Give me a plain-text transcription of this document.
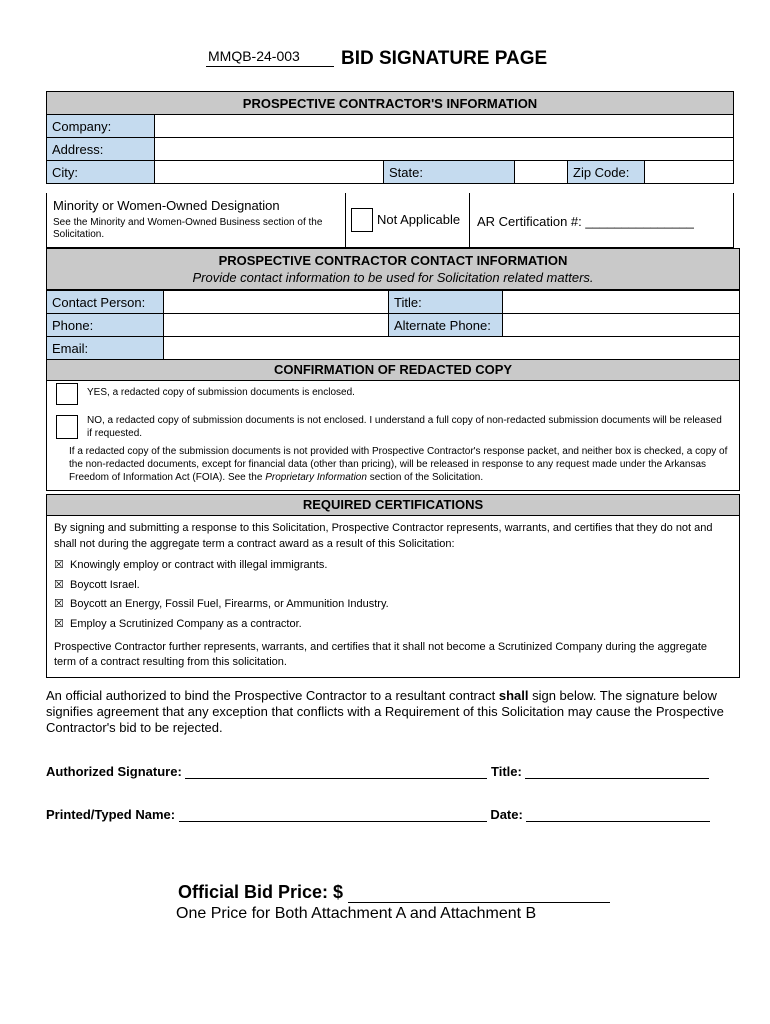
MMQB-24-003 BID SIGNATURE PAGE
PROSPECTIVE CONTRACTOR'S INFORMATION					
Company:					
Address:					
City:		State:		Zip Code:	
Minority or Women-Owned Designation
See the Minority and Women-Owned Business section of the Solicitation.
Not Applicable AR Certification #: _______________
PROSPECTIVE CONTRACTOR CONTACT INFORMATION
Provide contact information to be used for Solicitation related matters.
Contact Person:		Title:	
Phone:		Alternate Phone:	
Email:			
CONFIRMATION OF REDACTED COPY
YES, a redacted copy of submission documents is enclosed.
NO, a redacted copy of submission documents is not enclosed. I understand a full copy of non-redacted submission documents will be released if requested.
If a redacted copy of the submission documents is not provided with Prospective Contractor's response packet, and neither box is checked, a copy of the non-redacted documents, except for financial data (other than pricing), will be released in response to any request made under the Arkansas Freedom of Information Act (FOIA). See the Proprietary Information section of the Solicitation.
REQUIRED CERTIFICATIONS
By signing and submitting a response to this Solicitation, Prospective Contractor represents, warrants, and certifies that they do not and shall not during the aggregate term a contract award as a result of this Solicitation:
☒ Knowingly employ or contract with illegal immigrants.
☒ Boycott Israel.
☒ Boycott an Energy, Fossil Fuel, Firearms, or Ammunition Industry.
☒ Employ a Scrutinized Company as a contractor.
Prospective Contractor further represents, warrants, and certifies that it shall not become a Scrutinized Company during the aggregate term of a contract resulting from this solicitation.
An official authorized to bind the Prospective Contractor to a resultant contract shall sign below. The signature below signifies agreement that any exception that conflicts with a Requirement of this Solicitation may cause the Prospective Contractor's bid to be rejected.
Authorized Signature:	Title:
Printed/Typed Name:	Date:
Official Bid Price: $
One Price for Both Attachment A and Attachment B
